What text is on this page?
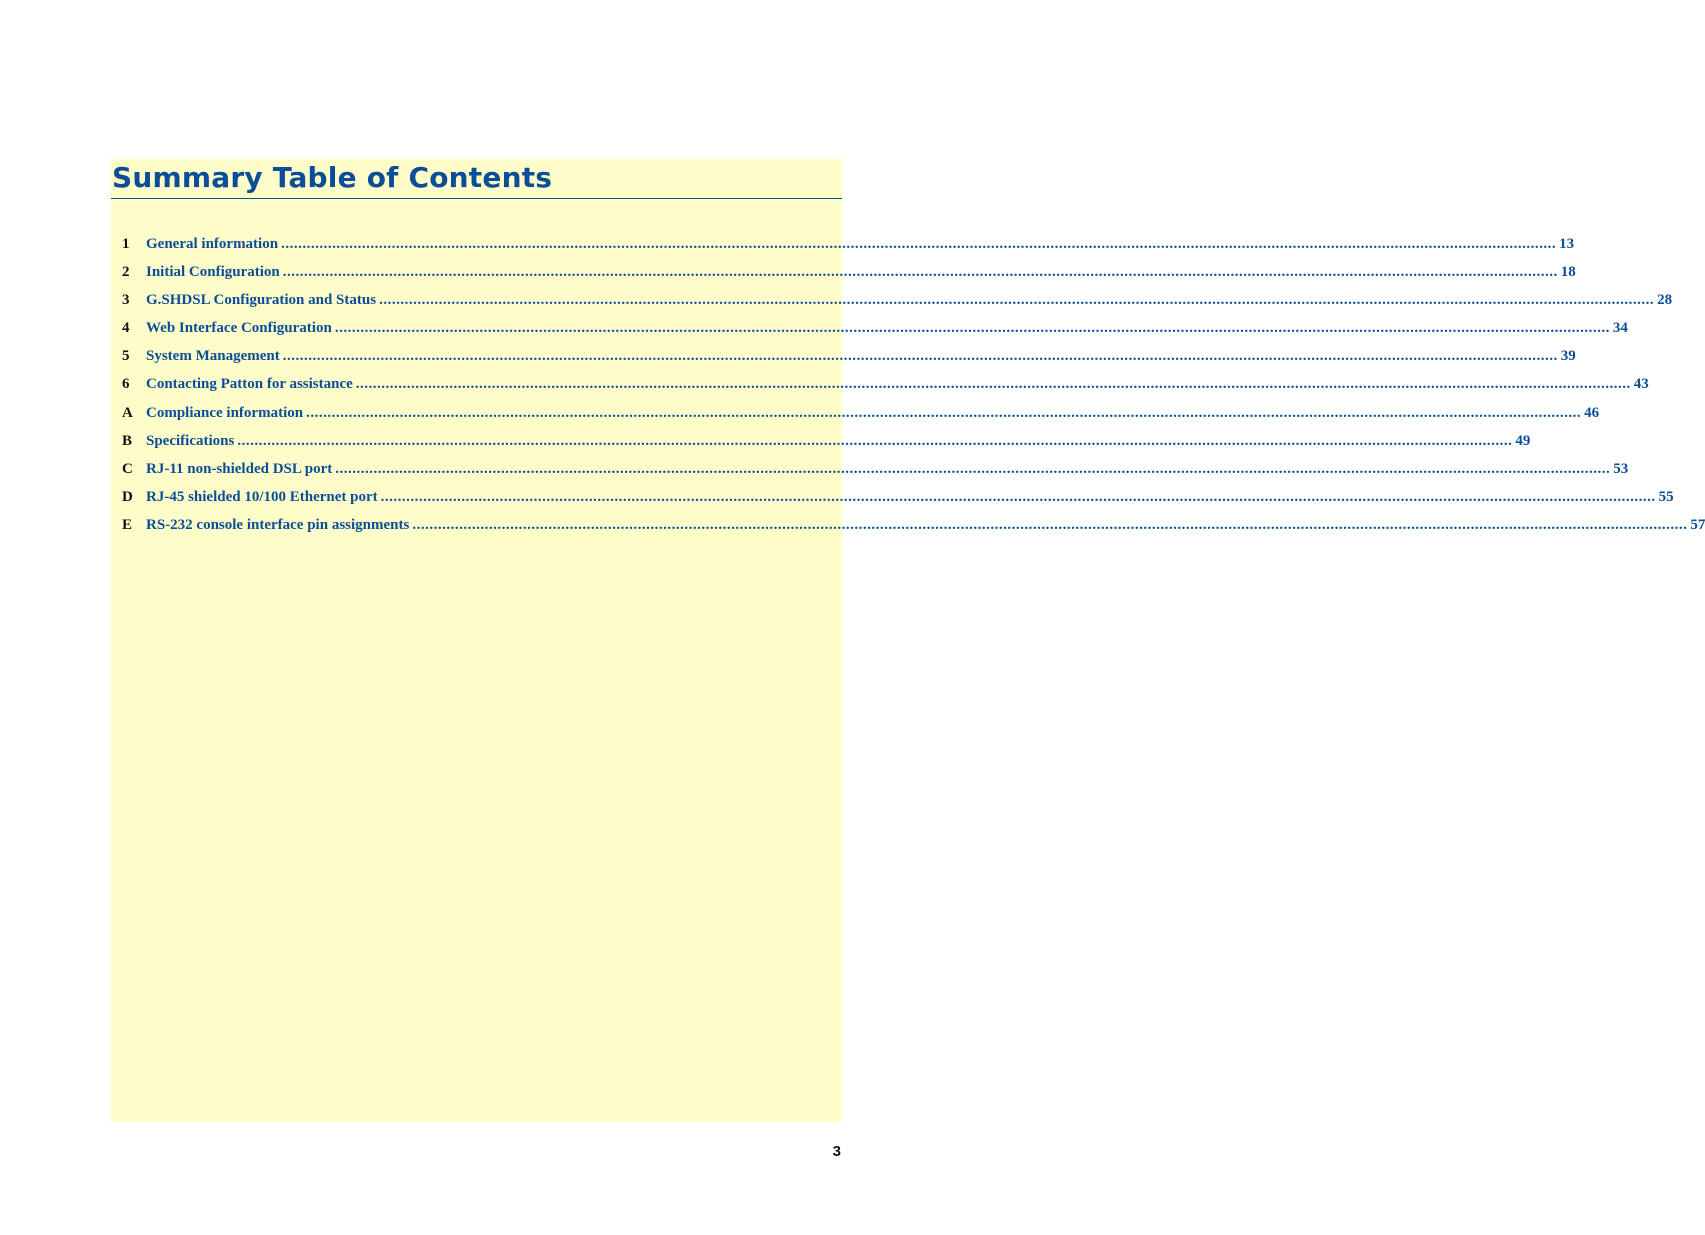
Summary Table of Contents
1	General information ............................................................................................................................................................................................................................................................................................................ 13
2	Initial Configuration ............................................................................................................................................................................................................................................................................................................ 18
3	G.SHDSL Configuration and Status ............................................................................................................................................................................................................................................................................................................ 28
4	Web Interface Configuration ............................................................................................................................................................................................................................................................................................................ 34
5	System Management ............................................................................................................................................................................................................................................................................................................ 39
6	Contacting Patton for assistance ............................................................................................................................................................................................................................................................................................................ 43
A Compliance information ............................................................................................................................................................................................................................................................................................................ 46
B Specifications ............................................................................................................................................................................................................................................................................................................ 49
C RJ-11 non-shielded DSL port ............................................................................................................................................................................................................................................................................................................ 53
D RJ-45 shielded 10/100 Ethernet port ............................................................................................................................................................................................................................................................................................................ 55
E RS-232 console interface pin assignments ............................................................................................................................................................................................................................................................................................................ 57
3
